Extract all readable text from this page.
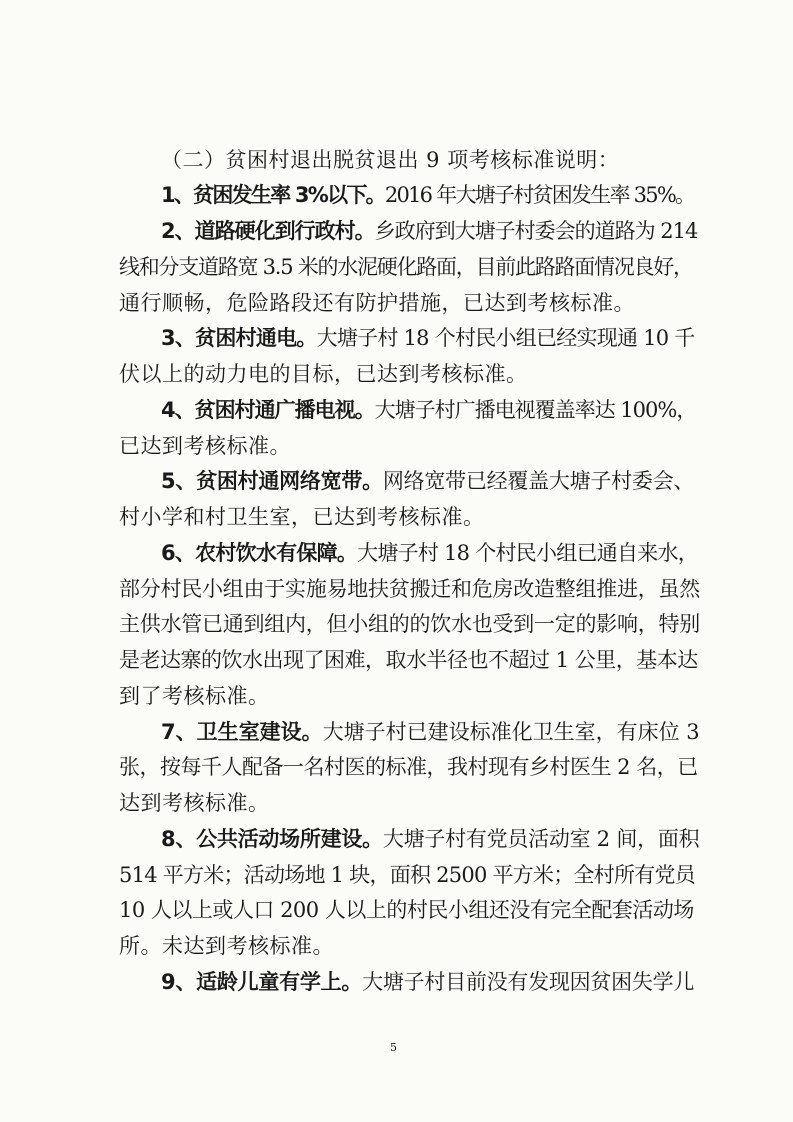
（二）贫困村退出脱贫退出 9 项考核标准说明：
1、贫困发生率 3%以下。2016 年大塘子村贫困发生率 35%。
2、道路硬化到行政村。乡政府到大塘子村委会的道路为 214
线和分支道路宽 3.5 米的水泥硬化路面，目前此路路面情况良好，
通行顺畅，危险路段还有防护措施，已达到考核标准。
3、贫困村通电。大塘子村 18 个村民小组已经实现通 10 千
伏以上的动力电的目标，已达到考核标准。
4、贫困村通广播电视。大塘子村广播电视覆盖率达 100%，
已达到考核标准。
5、贫困村通网络宽带。网络宽带已经覆盖大塘子村委会、
村小学和村卫生室，已达到考核标准。
6、农村饮水有保障。大塘子村 18 个村民小组已通自来水，
部分村民小组由于实施易地扶贫搬迁和危房改造整组推进，虽然
主供水管已通到组内，但小组的的饮水也受到一定的影响，特别
是老达寨的饮水出现了困难，取水半径也不超过 1 公里，基本达
到了考核标准。
7、卫生室建设。大塘子村已建设标准化卫生室，有床位 3
张，按每千人配备一名村医的标准，我村现有乡村医生 2 名，已
达到考核标准。
8、公共活动场所建设。大塘子村有党员活动室 2 间，面积
514 平方米；活动场地 1 块，面积 2500 平方米；全村所有党员
10 人以上或人口 200 人以上的村民小组还没有完全配套活动场
所。未达到考核标准。
9、适龄儿童有学上。大塘子村目前没有发现因贫困失学儿
5
